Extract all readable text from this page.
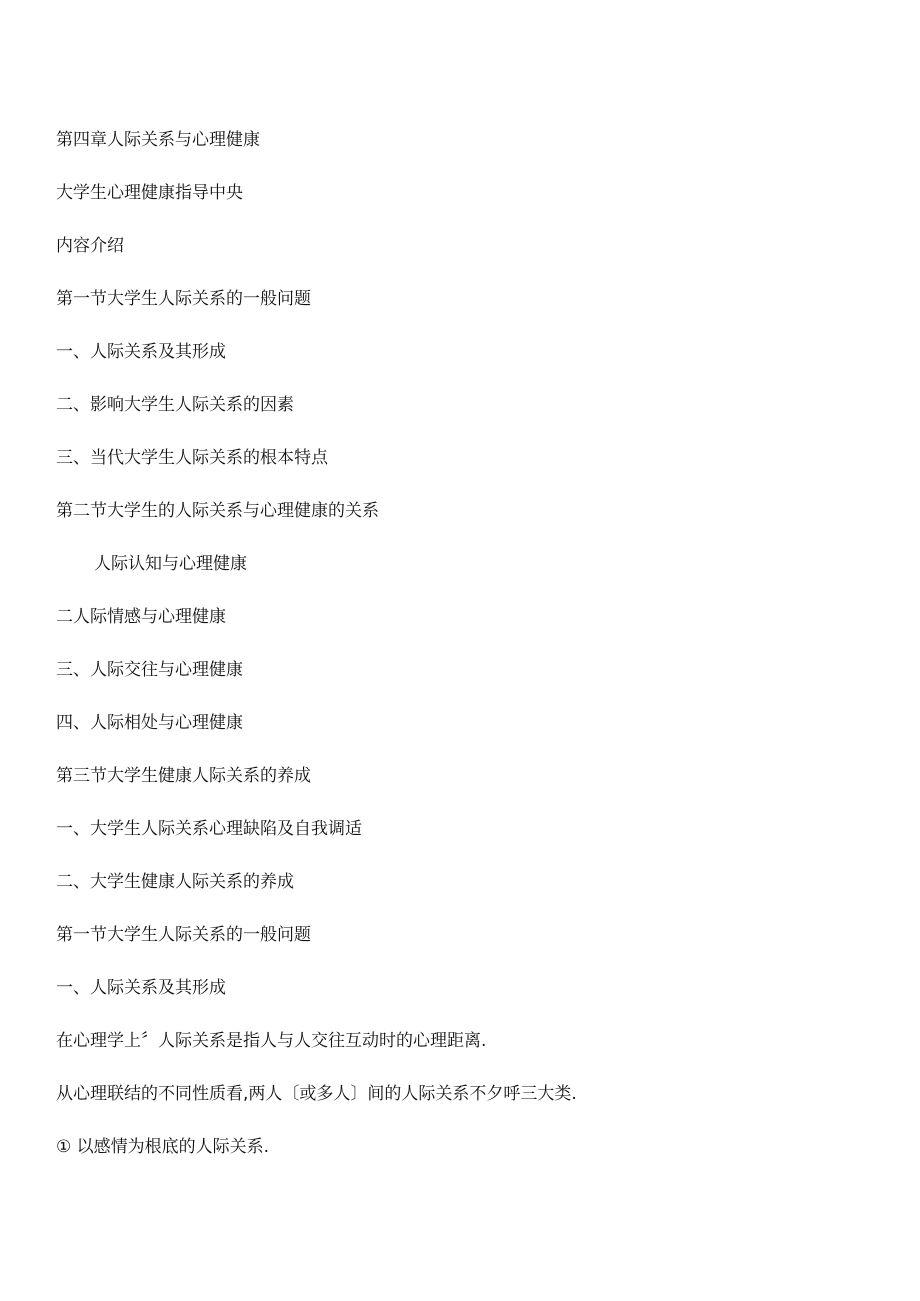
第四章人际关系与心理健康
大学生心理健康指导中央
内容介绍
第一节大学生人际关系的一般问题
一、人际关系及其形成
二、影响大学生人际关系的因素
三、当代大学生人际关系的根本特点
第二节大学生的人际关系与心理健康的关系
人际认知与心理健康
二人际情感与心理健康
三、人际交往与心理健康
四、人际相处与心理健康
第三节大学生健康人际关系的养成
一、大学生人际关系心理缺陷及自我调适
二、大学生健康人际关系的养成
第一节大学生人际关系的一般问题
一、人际关系及其形成
在心理学上〞人际关系是指人与人交往互动时的心理距离.
从心理联结的不同性质看,两人〔或多人〕间的人际关系不夕呼三大类.
① 以感情为根底的人际关系.
